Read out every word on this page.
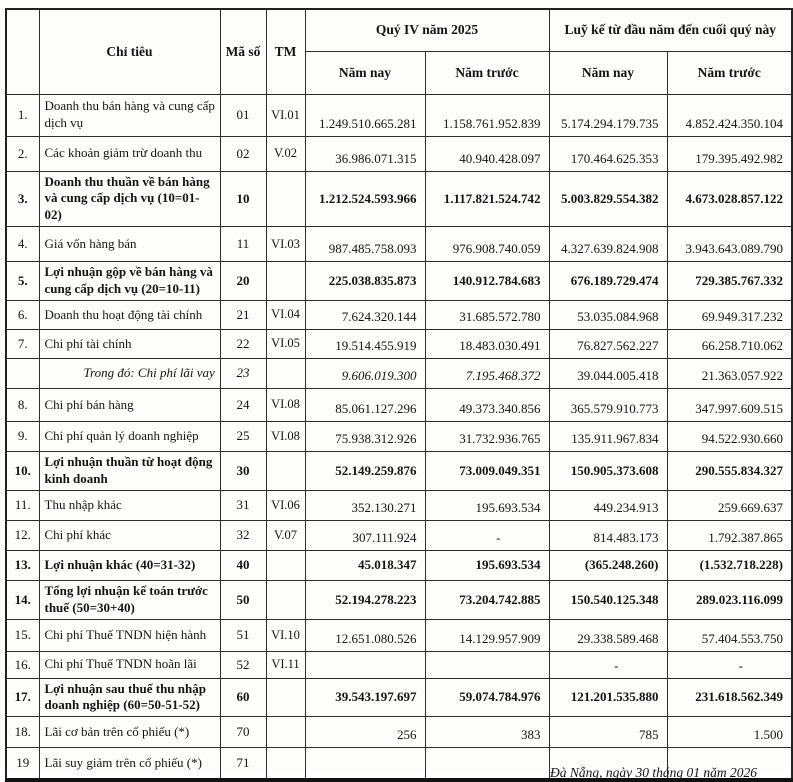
	Chỉ tiêu	Mã số	TM	Quý IV năm 2025		Luỹ kế từ đầu năm đến cuối quý này	
				Năm nay	Năm trước	Năm nay	Năm trước
1.	Doanh thu bán hàng và cung cấp dịch vụ	01	VI.01	1.249.510.665.281	1.158.761.952.839	5.174.294.179.735	4.852.424.350.104
2.	Các khoản giảm trừ doanh thu	02	V.02	36.986.071.315	40.940.428.097	170.464.625.353	179.395.492.982
3.	Doanh thu thuần về bán hàng và cung cấp dịch vụ (10=01-02)	10		1.212.524.593.966	1.117.821.524.742	5.003.829.554.382	4.673.028.857.122
4.	Giá vốn hàng bán	11	VI.03	987.485.758.093	976.908.740.059	4.327.639.824.908	3.943.643.089.790
5.	Lợi nhuận gộp về bán hàng và cung cấp dịch vụ (20=10-11)	20		225.038.835.873	140.912.784.683	676.189.729.474	729.385.767.332
6.	Doanh thu hoạt động tài chính	21	VI.04	7.624.320.144	31.685.572.780	53.035.084.968	69.949.317.232
7.	Chi phí tài chính	22	VI.05	19.514.455.919	18.483.030.491	76.827.562.227	66.258.710.062
	Trong đó: Chi phí lãi vay	23		9.606.019.300	7.195.468.372	39.044.005.418	21.363.057.922
8.	Chi phí bán hàng	24	VI.08	85.061.127.296	49.373.340.856	365.579.910.773	347.997.609.515
9.	Chi phí quản lý doanh nghiệp	25	VI.08	75.938.312.926	31.732.936.765	135.911.967.834	94.522.930.660
10.	Lợi nhuận thuần từ hoạt động kinh doanh	30		52.149.259.876	73.009.049.351	150.905.373.608	290.555.834.327
11.	Thu nhập khác	31	VI.06	352.130.271	195.693.534	449.234.913	259.669.637
12.	Chi phí khác	32	V.07	307.111.924	-	814.483.173	1.792.387.865
13.	Lợi nhuận khác (40=31-32)	40		45.018.347	195.693.534	(365.248.260)	(1.532.718.228)
14.	Tổng lợi nhuận kế toán trước thuế (50=30+40)	50		52.194.278.223	73.204.742.885	150.540.125.348	289.023.116.099
15.	Chi phí Thuế TNDN hiện hành	51	VI.10	12.651.080.526	14.129.957.909	29.338.589.468	57.404.553.750
16.	Chi phí Thuế TNDN hoãn lãi	52	VI.11			-	-
17.	Lợi nhuận sau thuế thu nhập doanh nghiệp (60=50-51-52)	60		39.543.197.697	59.074.784.976	121.201.535.880	231.618.562.349
18.	Lãi cơ bản trên cổ phiếu (*)	70		256	383	785	1.500
19	Lãi suy giảm trên cổ phiếu (*)	71					
Đà Nẵng, ngày 30 tháng 01 năm 2026
